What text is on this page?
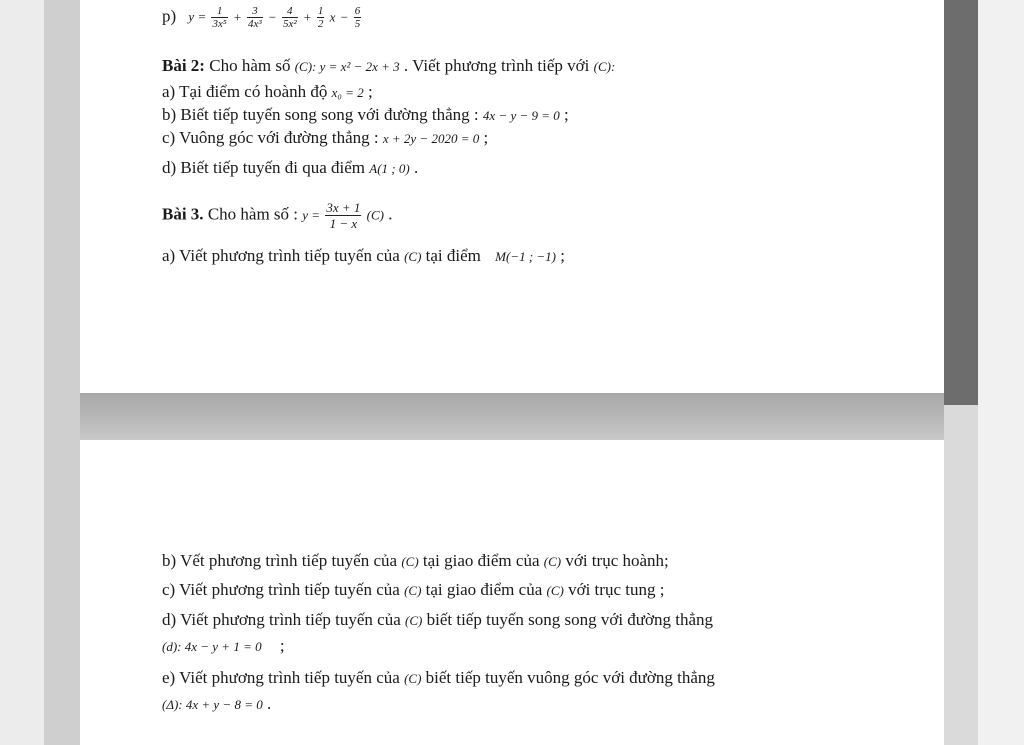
p) $y = \frac{1}{\text{3x⁵}} + \frac{3}{\text{4x³}} - \frac{4}{\text{5x²}} + \frac{1}{2}$ $x - \frac{6}{5}$
Bài 2: Cho hàm số (C): y = x² − 2x + 3 . Viết phương trình tiếp với (C):
a) Tại điểm có hoành độ x₀ = 2 ;
b) Biết tiếp tuyến song song với đường thẳng : 4x − y − 9 = 0 ;
c) Vuông góc với đường thẳng : x + 2y − 2020 = 0 ;
d) Biết tiếp tuyến đi qua điểm A(1 ; 0) .
Bài 3. Cho hàm số : $y = \frac{3x + 1}{1 - x} (C)$ .
a) Viết phương trình tiếp tuyến của (C) tại điểm M(−1 ; −1) ;
b) Vết phương trình tiếp tuyến của (C) tại giao điểm của (C) với trục hoành;
c) Viết phương trình tiếp tuyến của (C) tại giao điểm của (C) với trục tung ;
d) Viết phương trình tiếp tuyến của (C) biết tiếp tuyến song song với đường thẳng
(d): 4x − y + 1 = 0 ;
e) Viết phương trình tiếp tuyến của (C) biết tiếp tuyến vuông góc với đường thẳng
(Δ): 4x + y − 8 = 0 .
